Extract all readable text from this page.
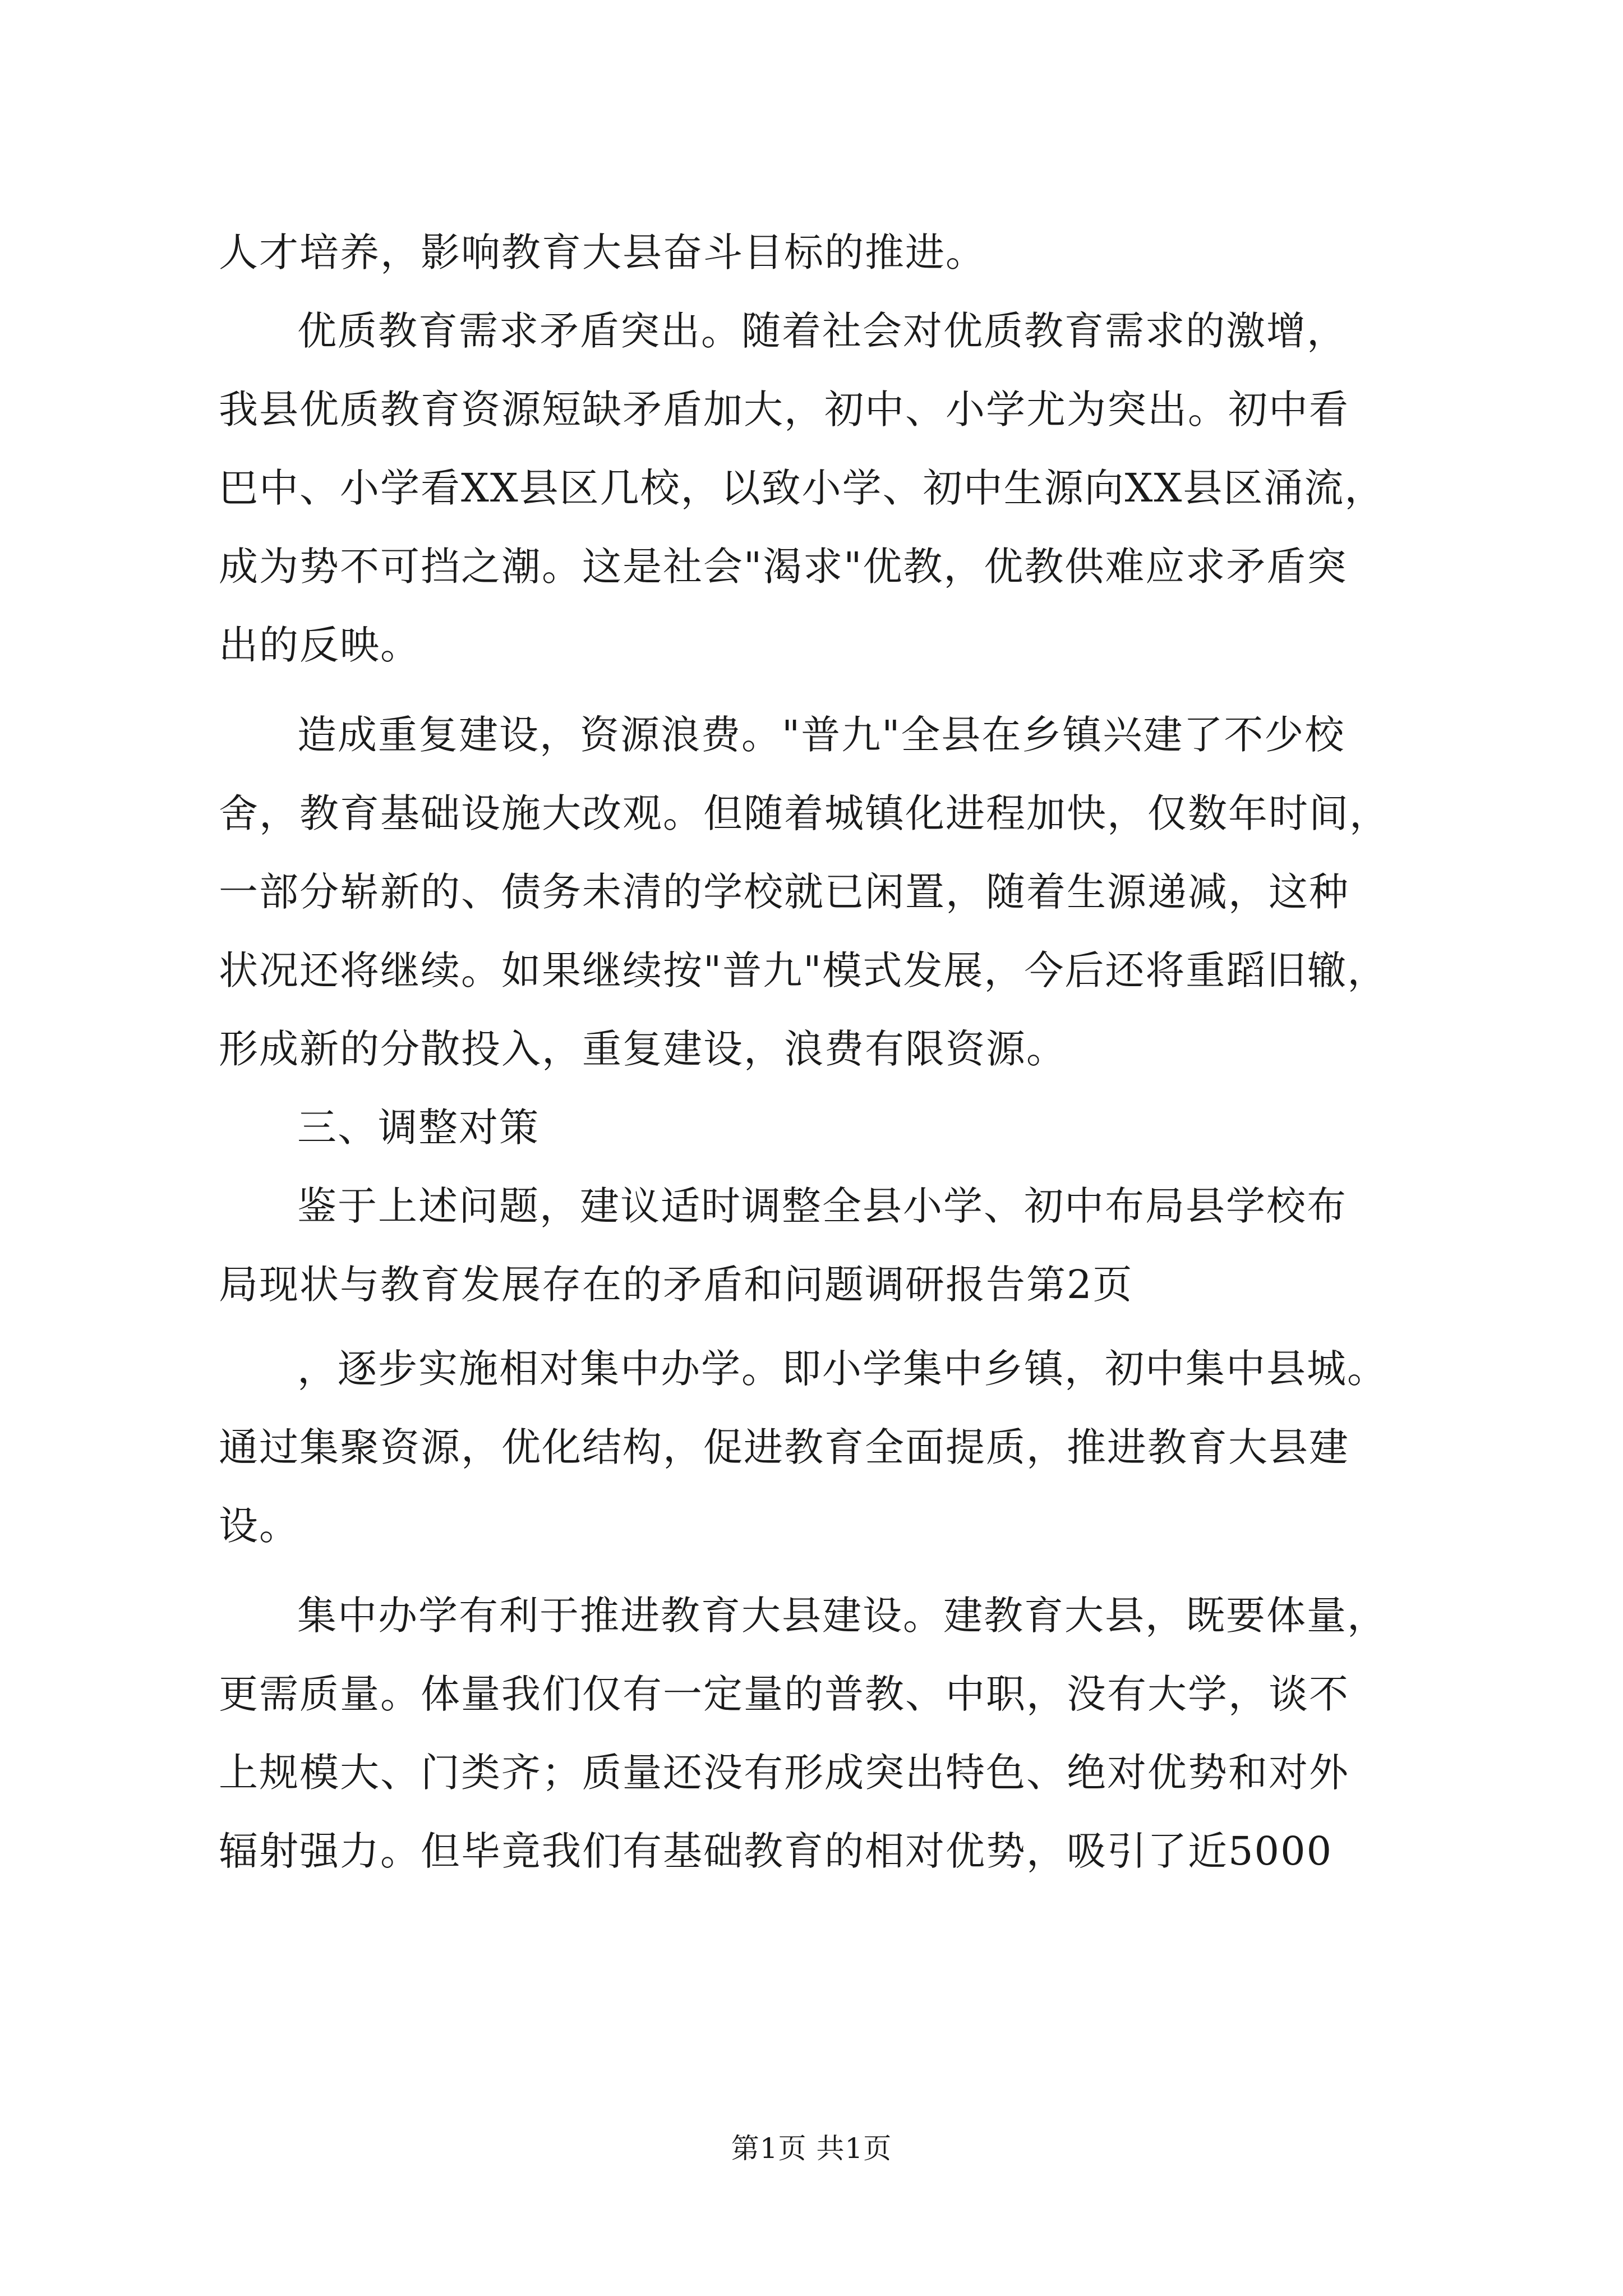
人才培养，影响教育大县奋斗目标的推进。
优质教育需求矛盾突出。随着社会对优质教育需求的激增，
我县优质教育资源短缺矛盾加大，初中、小学尤为突出。初中看
巴中、小学看XX县区几校，以致小学、初中生源向XX县区涌流，
成为势不可挡之潮。这是社会"渴求"优教，优教供难应求矛盾突
出的反映。
造成重复建设，资源浪费。"普九"全县在乡镇兴建了不少校
舍，教育基础设施大改观。但随着城镇化进程加快，仅数年时间，
一部分崭新的、债务未清的学校就已闲置，随着生源递减，这种
状况还将继续。如果继续按"普九"模式发展，今后还将重蹈旧辙，
形成新的分散投入，重复建设，浪费有限资源。
三、调整对策
鉴于上述问题，建议适时调整全县小学、初中布局县学校布
局现状与教育发展存在的矛盾和问题调研报告第2页
，逐步实施相对集中办学。即小学集中乡镇，初中集中县城。
通过集聚资源，优化结构，促进教育全面提质，推进教育大县建
设。
集中办学有利于推进教育大县建设。建教育大县，既要体量，
更需质量。体量我们仅有一定量的普教、中职，没有大学，谈不
上规模大、门类齐；质量还没有形成突出特色、绝对优势和对外
辐射强力。但毕竟我们有基础教育的相对优势，吸引了近5000
第1页 共1页
